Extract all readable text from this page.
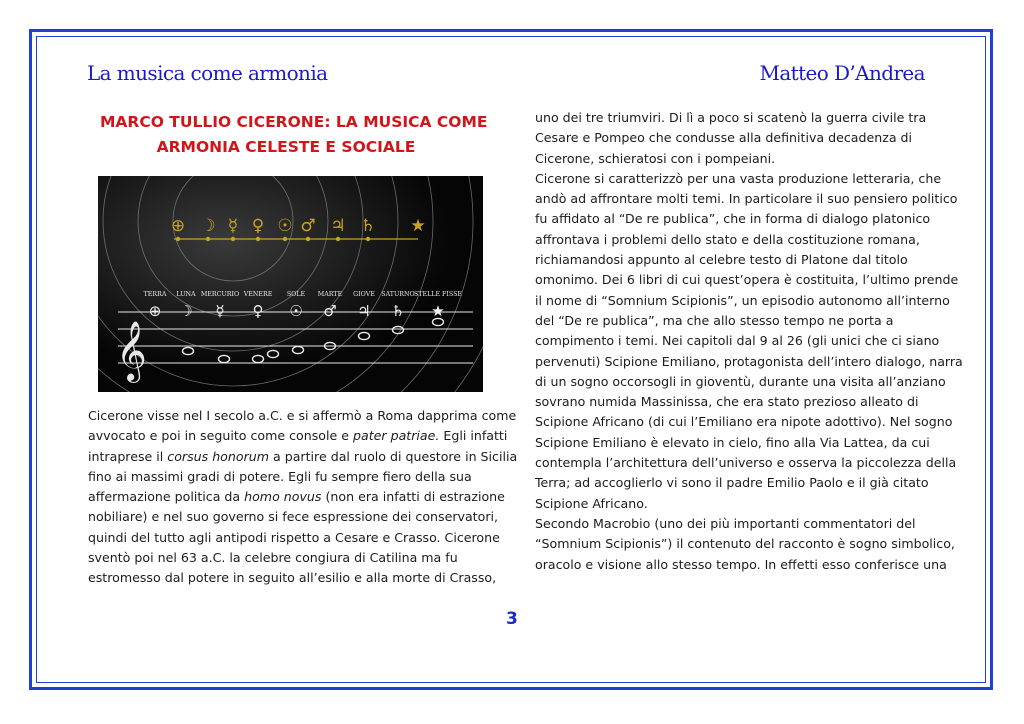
La musica come armonia	Matteo D’Andrea
MARCO TULLIO CICERONE: LA MUSICA COME
ARMONIA CELESTE E SOCIALE
⊕ ☽ ☿ ♀ ☉ ♂ ♃ ♄ ★
TERRA LUNA MERCURIO VENERE SOLE MARTE GIOVE SATURNO STELLE FISSE
𝄞
⊕ ☽ ☿ ♀ ☉ ♂ ♃ ♄ ★
Cicerone visse nel I secolo a.C. e si affermò a Roma dapprima come
avvocato e poi in seguito come console e pater patriae. Egli infatti
intraprese il corsus honorum a partire dal ruolo di questore in Sicilia
fino ai massimi gradi di potere. Egli fu sempre fiero della sua
affermazione politica da homo novus (non era infatti di estrazione
nobiliare) e nel suo governo si fece espressione dei conservatori,
quindi del tutto agli antipodi rispetto a Cesare e Crasso. Cicerone
sventò poi nel 63 a.C. la celebre congiura di Catilina ma fu
estromesso dal potere in seguito all’esilio e alla morte di Crasso,
uno dei tre triumviri. Di lì a poco si scatenò la guerra civile tra
Cesare e Pompeo che condusse alla definitiva decadenza di
Cicerone, schieratosi con i pompeiani.
Cicerone si caratterizzò per una vasta produzione letteraria, che
andò ad affrontare molti temi. In particolare il suo pensiero politico
fu affidato al “De re publica”, che in forma di dialogo platonico
affrontava i problemi dello stato e della costituzione romana,
richiamandosi appunto al celebre testo di Platone dal titolo
omonimo. Dei 6 libri di cui quest’opera è costituita, l’ultimo prende
il nome di “Somnium Scipionis”, un episodio autonomo all’interno
del “De re publica”, ma che allo stesso tempo ne porta a
compimento i temi. Nei capitoli dal 9 al 26 (gli unici che ci siano
pervenuti) Scipione Emiliano, protagonista dell’intero dialogo, narra
di un sogno occorsogli in gioventù, durante una visita all’anziano
sovrano numida Massinissa, che era stato prezioso alleato di
Scipione Africano (di cui l’Emiliano era nipote adottivo). Nel sogno
Scipione Emiliano è elevato in cielo, fino alla Via Lattea, da cui
contempla l’architettura dell’universo e osserva la piccolezza della
Terra; ad accoglierlo vi sono il padre Emilio Paolo e il già citato
Scipione Africano.
Secondo Macrobio (uno dei più importanti commentatori del
“Somnium Scipionis”) il contenuto del racconto è sogno simbolico,
oracolo e visione allo stesso tempo. In effetti esso conferisce una
3
